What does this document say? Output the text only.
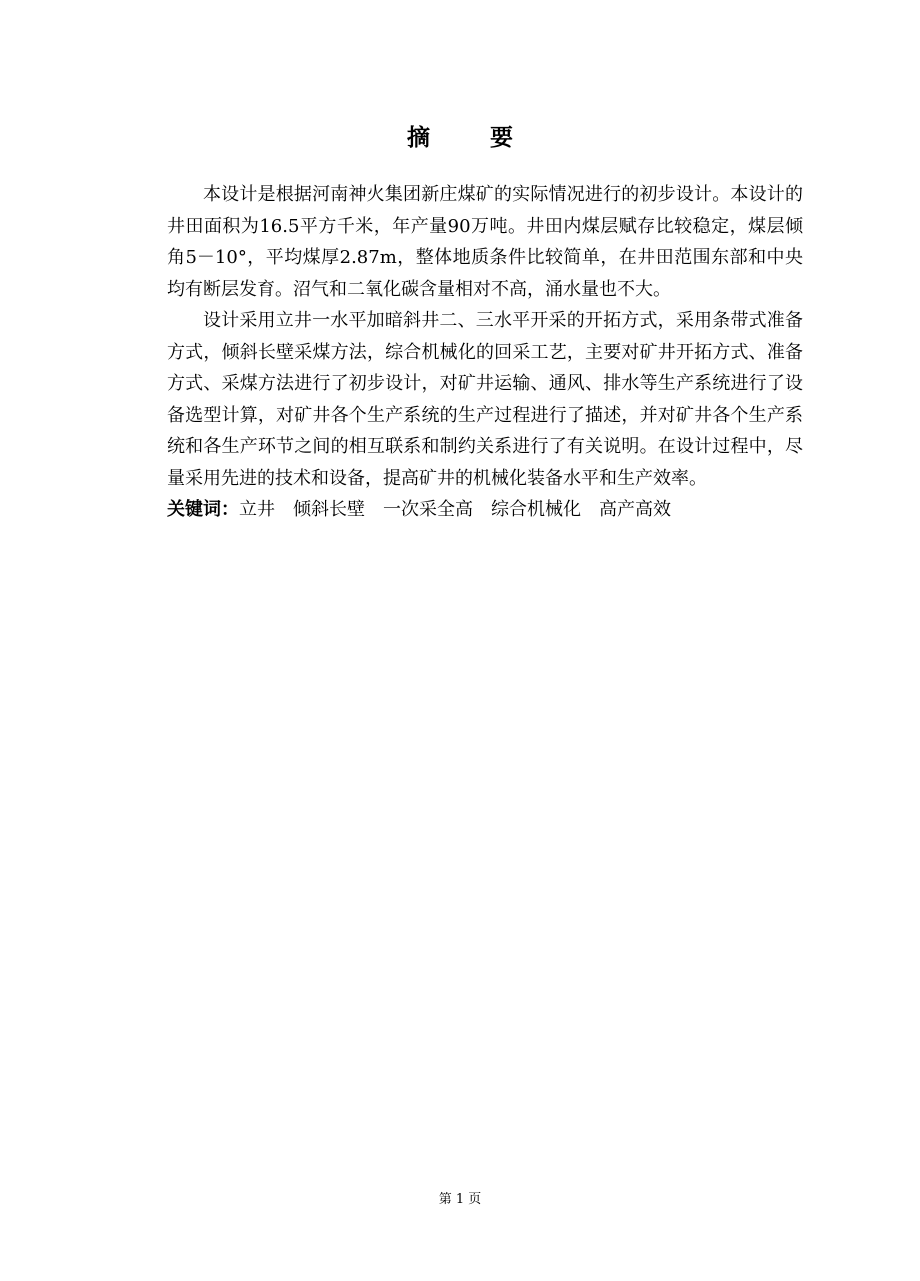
摘 要

本设计是根据河南神火集团新庄煤矿的实际情况进行的初步设计。本设计的井田面积为16.5平方千米，年产量90万吨。井田内煤层赋存比较稳定，煤层倾角5－10°，平均煤厚2.87m，整体地质条件比较简单，在井田范围东部和中央均有断层发育。沼气和二氧化碳含量相对不高，涌水量也不大。

设计采用立井一水平加暗斜井二、三水平开采的开拓方式，采用条带式准备方式，倾斜长壁采煤方法，综合机械化的回采工艺，主要对矿井开拓方式、准备方式、采煤方法进行了初步设计，对矿井运输、通风、排水等生产系统进行了设备选型计算，对矿井各个生产系统的生产过程进行了描述，并对矿井各个生产系统和各生产环节之间的相互联系和制约关系进行了有关说明。在设计过程中，尽量采用先进的技术和设备，提高矿井的机械化装备水平和生产效率。

关键词：立井 倾斜长壁 一次采全高 综合机械化 高产高效
第 1 页
